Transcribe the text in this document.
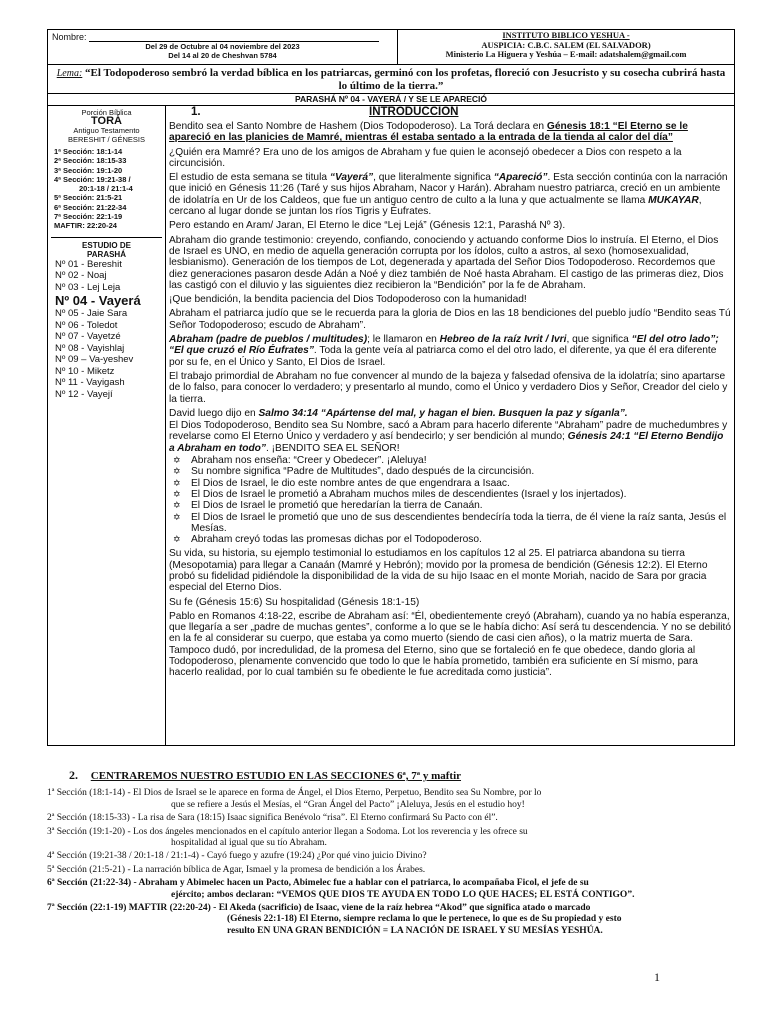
Nombre:
Del 29 de Octubre al 04 noviembre del 2023
Del 14 al 20 de Cheshvan 5784

INSTITUTO BIBLICO YESHUA -
AUSPICIA: C.B.C. SALEM (EL SALVADOR)
Ministerio La Higuera y Yeshúa – E-mail: adatshalem@gmail.com
Lema: “El Todopoderoso sembró la verdad bíblica en los patriarcas, germinó con los profetas, floreció con Jesucristo y su cosecha cubrirá hasta lo último de la tierra.”
PARASHÁ Nº 04 - VAYERÁ / Y SE LE APARECIÓ
Porción Bíblica
TORÁ
Antiguo Testamento
BERESHIT / GÉNESIS
1ª Sección: 18:1-14
2ª Sección: 18:15-33
3ª Sección: 19:1-20
4ª Sección: 19:21-38 /
20:1-18 / 21:1-4
5ª Sección: 21:5-21
6ª Sección: 21:22-34
7ª Sección: 22:1-19
MAFTIR: 22:20-24
ESTUDIO DE
PARASHÁ
Nº 01 - Bereshit
Nº 02 - Noaj
Nº 03 - Lej Leja
Nº 04 - Vayerá
Nº 05 - Jaie Sara
Nº 06 - Toledot
Nº 07 - Vayetzé
Nº 08 - Vayishlaj
Nº 09 – Va-yeshev
Nº 10 - Miketz
Nº 11 - Vayigash
Nº 12 - Vayejí
1.	INTRODUCCION

Bendito sea el Santo Nombre de Hashem (Dios Todopoderoso). La Torá declara en Génesis 18:1 “El Eterno se le apareció en las planicies de Mamré, mientras él estaba sentado a la entrada de la tienda al calor del día”

¿Quién era Mamré? Era uno de los amigos de Abraham y fue quien le aconsejó obedecer a Dios con respeto a la circuncisión.

El estudio de esta semana se titula “Vayerá”, que literalmente significa “Apareció”. Esta sección continúa con la narración que inició en Génesis 11:26 (Taré y sus hijos Abraham, Nacor y Harán). Abraham nuestro patriarca, creció en un ambiente de idolatría en Ur de los Caldeos, que fue un antiguo centro de culto a la luna y que actualmente se llama MUKAYAR, cercano al lugar donde se juntan los ríos Tigris y Éufrates.

Pero estando en Aram/ Jaran, El Eterno le dice “Lej Lejá” (Génesis 12:1, Parashá Nº 3).

Abraham dio grande testimonio: creyendo, confiando, conociendo y actuando conforme Dios lo instruía. El Eterno, el Dios de Israel es UNO, en medio de aquella generación corrupta por los ídolos, culto a astros, al sexo (homosexualidad, lesbianismo). Generación de los tiempos de Lot, degenerada y apartada del Señor Dios Todopoderoso. Recordemos que diez generaciones pasaron desde Adán a Noé y diez también de Noé hasta Abraham. El castigo de las primeras diez, Dios las castigó con el diluvio y las siguientes diez recibieron la “Bendición” por la fe de Abraham.

¡Que bendición, la bendita paciencia del Dios Todopoderoso con la humanidad!

Abraham el patriarca judío que se le recuerda para la gloria de Dios en las 18 bendiciones del pueblo judío “Bendito seas Tú Señor Todopoderoso; escudo de Abraham”.

Abraham (padre de pueblos / multitudes); le llamaron en Hebreo de la raíz Ivrit / Ivri, que significa “El del otro lado”; “El que cruzó el Río Éufrates”. Toda la gente veía al patriarca como el del otro lado, el diferente, ya que él era diferente por su fe, en el Único y Santo, El Dios de Israel.

El trabajo primordial de Abraham no fue convencer al mundo de la bajeza y falsedad ofensiva de la idolatría; sino apartarse de lo falso, para conocer lo verdadero; y presentarlo al mundo, como el Único y verdadero Dios y Señor, Creador del cielo y la tierra.

David luego dijo en Salmo 34:14 “Apártense del mal, y hagan el bien. Busquen la paz y síganla”.

El Dios Todopoderoso, Bendito sea Su Nombre, sacó a Abram para hacerlo diferente “Abraham” padre de muchedumbres y revelarse como El Eterno Único y verdadero y así bendecirlo; y ser bendición al mundo; Génesis 24:1 “El Eterno Bendijo a Abraham en todo”. ¡BENDITO SEA EL SEÑOR!

✡ Abraham nos enseña: “Creer y Obedecer”. ¡Aleluya!
✡ Su nombre significa “Padre de Multitudes”, dado después de la circuncisión.
✡ El Dios de Israel, le dio este nombre antes de que engendrara a Isaac.
✡ El Dios de Israel le prometió a Abraham muchos miles de descendientes (Israel y los injertados).
✡ El Dios de Israel le prometió que heredarían la tierra de Canaán.
✡ El Dios de Israel le prometió que uno de sus descendientes bendecíría toda la tierra, de él viene la raíz santa, Jesús el Mesías.
✡ Abraham creyó todas las promesas dichas por el Todopoderoso.

Su vida, su historia, su ejemplo testimonial lo estudiamos en los capítulos 12 al 25. El patriarca abandona su tierra (Mesopotamia) para llegar a Canaán (Mamré y Hebrón); movido por la promesa de bendición (Génesis 12:2). El Eterno probó su fidelidad pidiéndole la disponibilidad de la vida de su hijo Isaac en el monte Moriah, nacido de Sara por gracia especial del Eterno Dios.

Su fe (Génesis 15:6) Su hospitalidad (Génesis 18:1-15)

Pablo en Romanos 4:18-22, escribe de Abraham así: “Él, obedientemente creyó (Abraham), cuando ya no había esperanza, que llegaría a ser „padre de muchas gentes”, conforme a lo que se le había dicho: Así será tu descendencia. Y no se debilitó en la fe al considerar su cuerpo, que estaba ya como muerto (siendo de casi cien años), o la matriz muerta de Sara. Tampoco dudó, por incredulidad, de la promesa del Eterno, sino que se fortaleció en fe que obedece, dando gloria al Todopoderoso, plenamente convencido que todo lo que le había prometido, también era suficiente en Sí mismo, para hacerlo realidad, por lo cual también su fe obediente le fue acreditada como justicia”.

2. CENTRAREMOS NUESTRO ESTUDIO EN LAS SECCIONES 6ª, 7ª y maftir
1ª Sección (18:1-14) - El Dios de Israel se le aparece en forma de Ángel, el Dios Eterno, Perpetuo, Bendito sea Su Nombre, por lo
que se refiere a Jesús el Mesías, el “Gran Ángel del Pacto” ¡Aleluya, Jesús en el estudio hoy!
2ª Sección (18:15-33) - La risa de Sara (18:15) Isaac significa Benévolo “risa”. El Eterno confirmará Su Pacto con él”.
3ª Sección (19:1-20) - Los dos ángeles mencionados en el capítulo anterior llegan a Sodoma. Lot los reverencia y les ofrece su
hospitalidad al igual que su tío Abraham.
4ª Sección (19:21-38 / 20:1-18 / 21:1-4) - Cayó fuego y azufre (19:24) ¿Por qué vino juicio Divino?
5ª Sección (21:5-21) - La narración bíblica de Agar, Ismael y la promesa de bendición a los Árabes.
6ª Sección (21:22-34) - Abraham y Abimelec hacen un Pacto, Abimelec fue a hablar con el patriarca, lo acompañaba Ficol, el jefe de su
ejército; ambos declaran: “VEMOS QUE DIOS TE AYUDA EN TODO LO QUE HACES; EL ESTÁ CONTIGO”.
7ª Sección (22:1-19) MAFTIR (22:20-24) - El Akeda (sacrificio) de Isaac, viene de la raíz hebrea “Akod” que significa atado o marcado
(Génesis 22:1-18) El Eterno, siempre reclama lo que le pertenece, lo que es de Su propiedad y esto
resulto EN UNA GRAN BENDICIÓN = LA NACIÓN DE ISRAEL Y SU MESÍAS YESHÚA.
1
